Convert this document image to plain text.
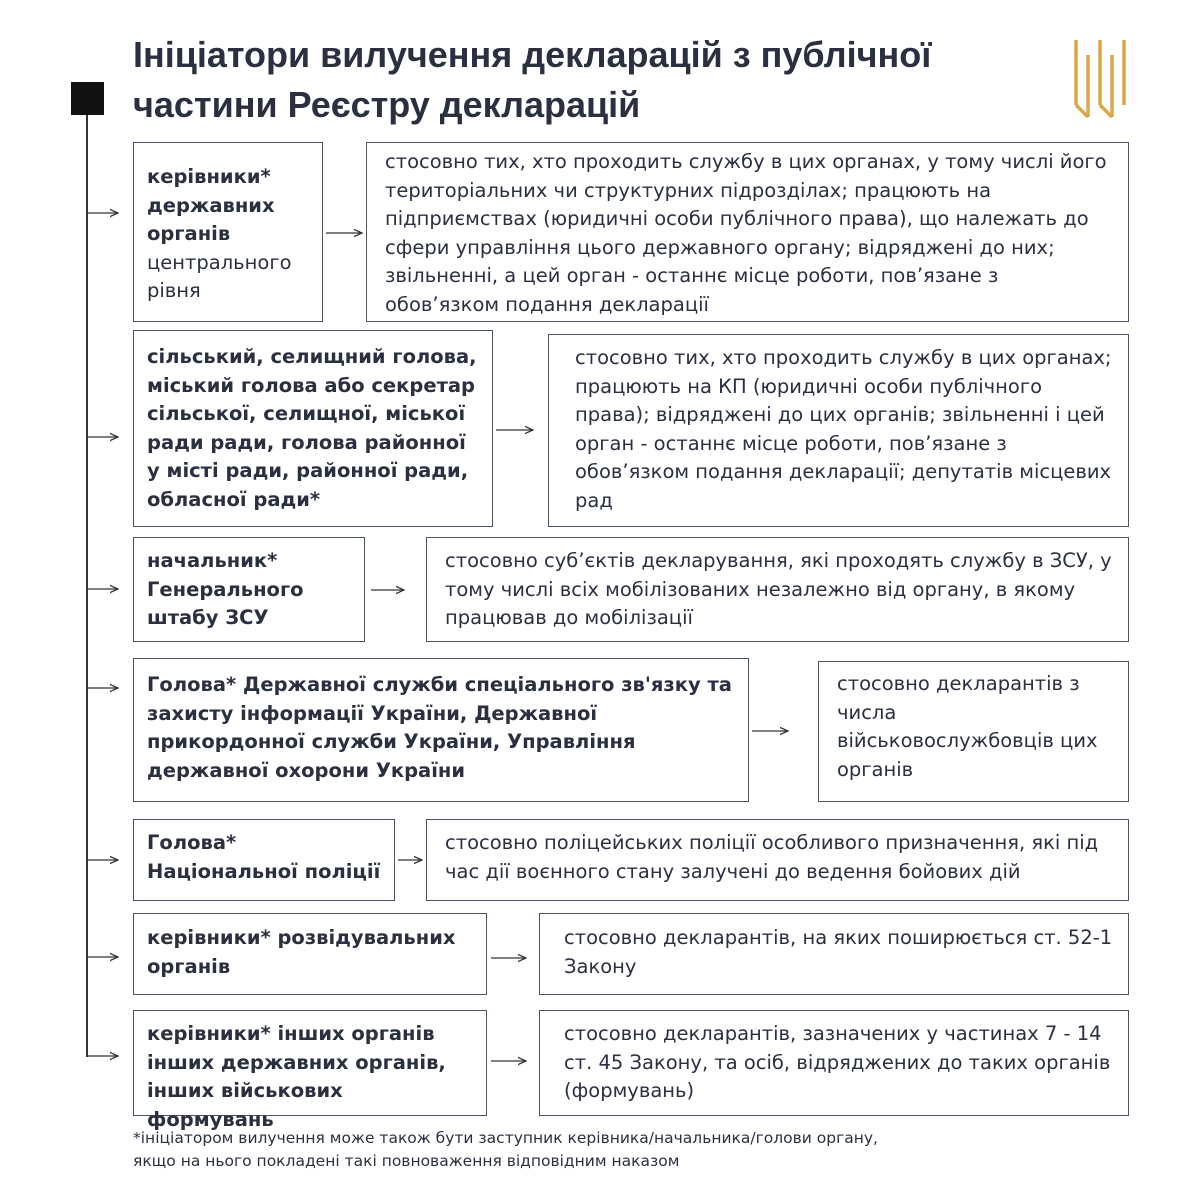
Ініціатори вилучення декларацій з публічної
частини Реєстру декларацій
керівники* державних органів центрального рівня
стосовно тих, хто проходить службу в цих органах, у тому числі його територіальних чи структурних підрозділах; працюють на підприємствах (юридичні особи публічного права), що належать до сфери управління цього державного органу; відряджені до них; звільненні, а цей орган - останнє місце роботи, пов’язане з обов’язком подання декларації
сільський, селищний голова, міський голова або секретар сільської, селищної, міської ради ради, голова районної у місті ради, районної ради, обласної ради*
стосовно тих, хто проходить службу в цих органах; працюють на КП (юридичні особи публічного права); відряджені до цих органів; звільненні і цей орган - останнє місце роботи, пов’язане з обов’язком подання декларації; депутатів місцевих рад
начальник* Генерального штабу ЗСУ
стосовно суб’єктів декларування, які проходять службу в ЗСУ, у тому числі всіх мобілізованих незалежно від органу, в якому працював до мобілізації
Голова* Державної служби спеціального зв'язку та захисту інформації України, Державної прикордонної служби України, Управління державної охорони України
стосовно декларантів з числа військовослужбовців цих органів
Голова* Національної поліції
стосовно поліцейських поліції особливого призначення, які під час дії воєнного стану залучені до ведення бойових дій
керівники* розвідувальних органів
стосовно декларантів, на яких поширюється ст. 52-1 Закону
керівники* інших органів інших державних органів, інших військових формувань
стосовно декларантів, зазначених у частинах 7 - 14 ст. 45 Закону, та осіб, відряджених до таких органів (формувань)
*ініціатором вилучення може також бути заступник керівника/начальника/голови органу,
якщо на нього покладені такі повноваження відповідним наказом
